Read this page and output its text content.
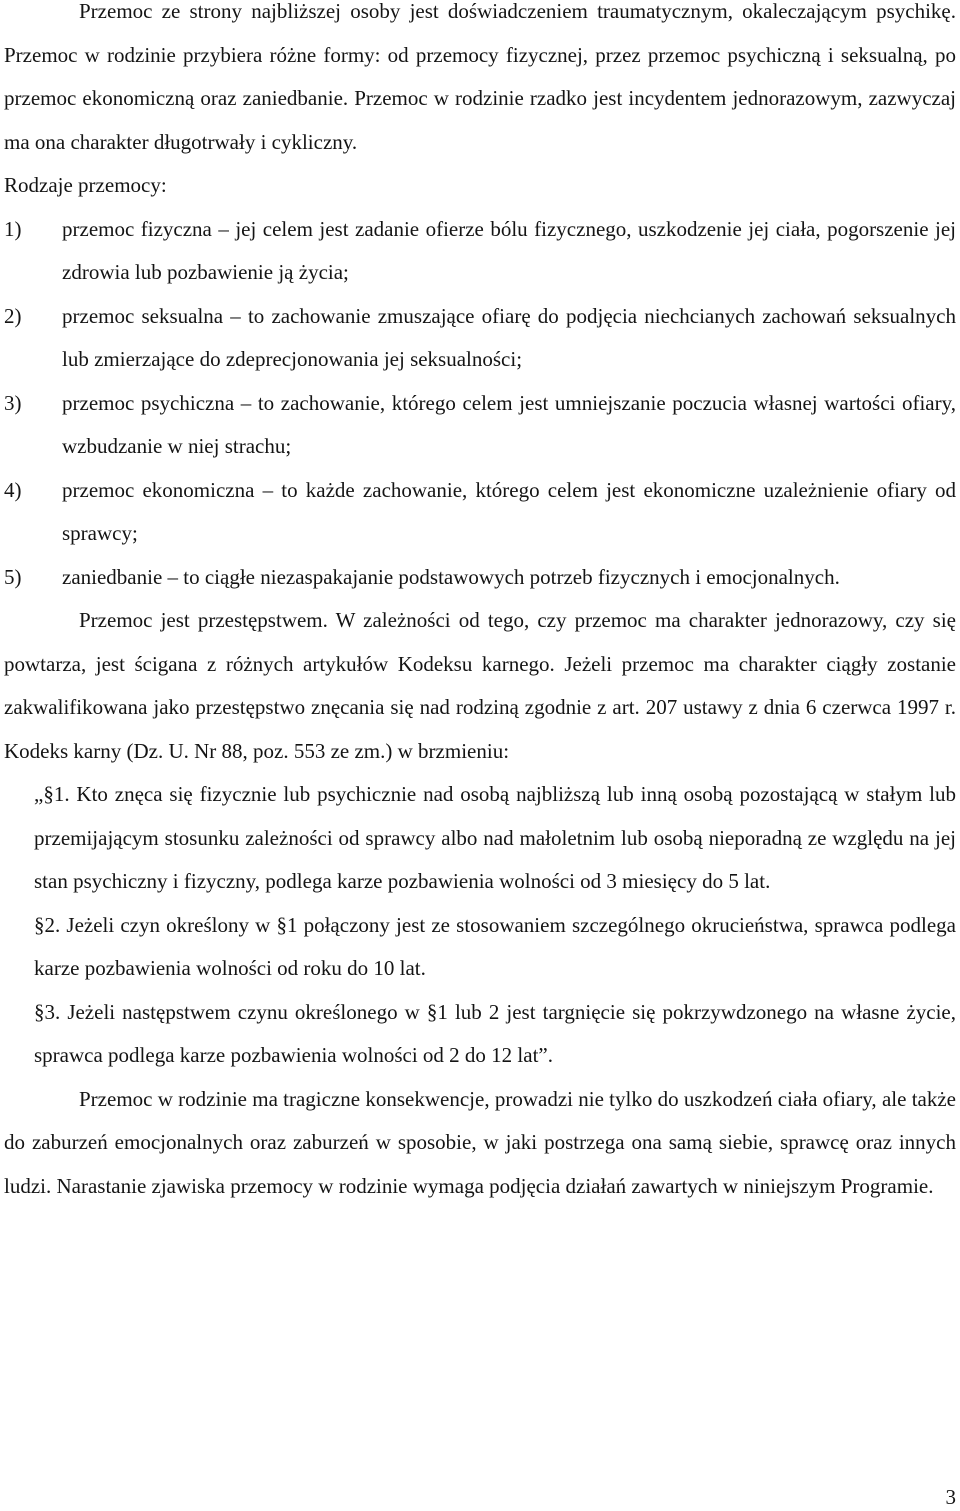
Przemoc ze strony najbliższej osoby jest doświadczeniem traumatycznym, okaleczającym psychikę. Przemoc w rodzinie przybiera różne formy: od przemocy fizycznej, przez przemoc psychiczną i seksualną, po przemoc ekonomiczną oraz zaniedbanie. Przemoc w rodzinie rzadko jest incydentem jednorazowym, zazwyczaj ma ona charakter długotrwały i cykliczny.

Rodzaje przemocy:

1)	przemoc fizyczna – jej celem jest zadanie ofierze bólu fizycznego, uszkodzenie jej ciała, pogorszenie jej zdrowia lub pozbawienie ją życia;
2)	przemoc seksualna – to zachowanie zmuszające ofiarę do podjęcia niechcianych zachowań seksualnych lub zmierzające do zdeprecjonowania jej seksualności;
3)	przemoc psychiczna – to zachowanie, którego celem jest umniejszanie poczucia własnej wartości ofiary, wzbudzanie w niej strachu;
4)	przemoc ekonomiczna – to każde zachowanie, którego celem jest ekonomiczne uzależnienie ofiary od sprawcy;
5)	zaniedbanie – to ciągłe niezaspakajanie podstawowych potrzeb fizycznych i emocjonalnych.

Przemoc jest przestępstwem. W zależności od tego, czy przemoc ma charakter jednorazowy, czy się powtarza, jest ścigana z różnych artykułów Kodeksu karnego. Jeżeli przemoc ma charakter ciągły zostanie zakwalifikowana jako przestępstwo znęcania się nad rodziną zgodnie z art. 207 ustawy z dnia 6 czerwca 1997 r. Kodeks karny (Dz. U. Nr 88, poz. 553 ze zm.) w brzmieniu:

„§1. Kto znęca się fizycznie lub psychicznie nad osobą najbliższą lub inną osobą pozostającą w stałym lub przemijającym stosunku zależności od sprawcy albo nad małoletnim lub osobą nieporadną ze względu na jej stan psychiczny i fizyczny, podlega karze pozbawienia wolności od 3 miesięcy do 5 lat.

§2. Jeżeli czyn określony w §1 połączony jest ze stosowaniem szczególnego okrucieństwa, sprawca podlega karze pozbawienia wolności od roku do 10 lat.

§3. Jeżeli następstwem czynu określonego w §1 lub 2 jest targnięcie się pokrzywdzonego na własne życie, sprawca podlega karze pozbawienia wolności od 2 do 12 lat”.

Przemoc w rodzinie ma tragiczne konsekwencje, prowadzi nie tylko do uszkodzeń ciała ofiary, ale także do zaburzeń emocjonalnych oraz zaburzeń w sposobie, w jaki postrzega ona samą siebie, sprawcę oraz innych ludzi. Narastanie zjawiska przemocy w rodzinie wymaga podjęcia działań zawartych w niniejszym Programie.

3
